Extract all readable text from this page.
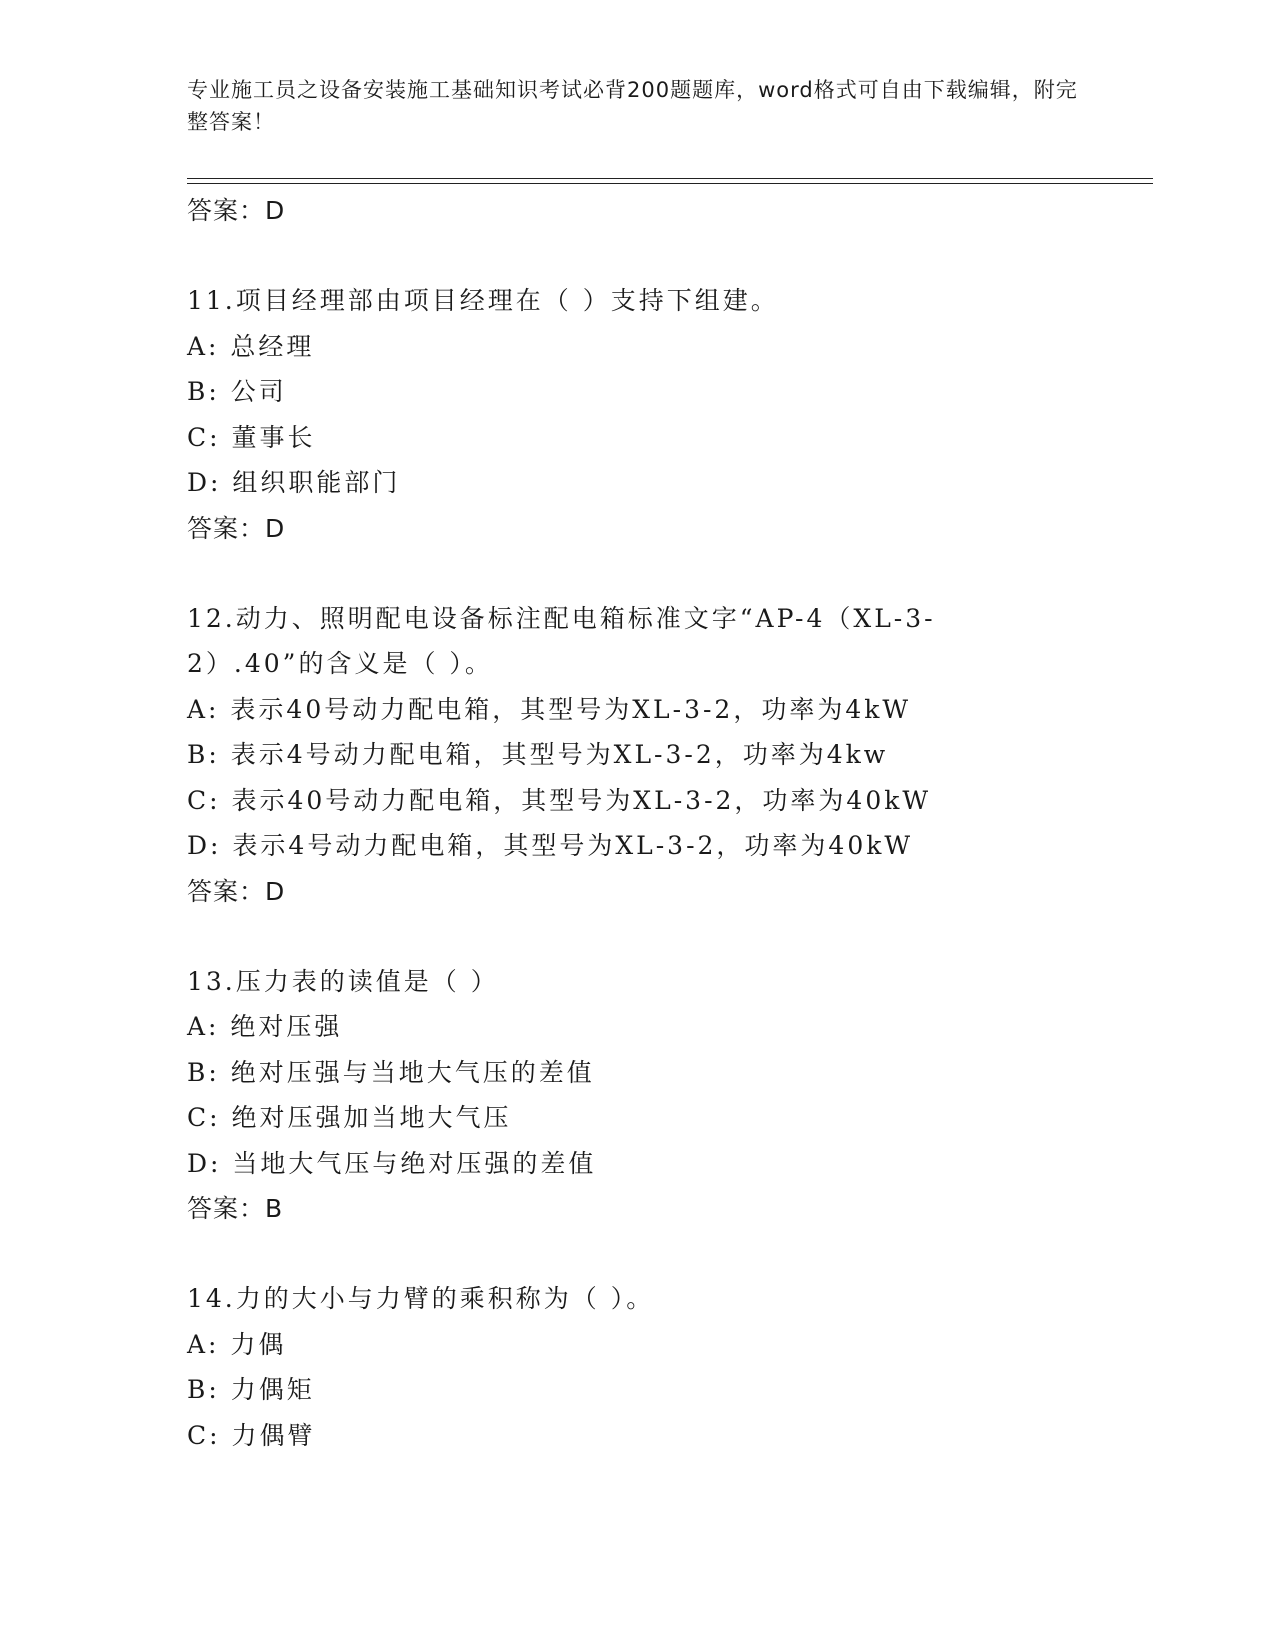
专业施工员之设备安装施工基础知识考试必背200题题库，word格式可自由下载编辑，附完整答案！
答案：D
11.项目经理部由项目经理在（ ）支持下组建。
A: 总经理
B: 公司
C: 董事长
D: 组织职能部门
答案：D
12.动力、照明配电设备标注配电箱标准文字“AP-4（XL-3-2）.40”的含义是（ ）。
A: 表示40号动力配电箱，其型号为XL-3-2，功率为4kW
B: 表示4号动力配电箱，其型号为XL-3-2，功率为4kw
C: 表示40号动力配电箱，其型号为XL-3-2，功率为40kW
D: 表示4号动力配电箱，其型号为XL-3-2，功率为40kW
答案：D
13.压力表的读值是（ ）
A: 绝对压强
B: 绝对压强与当地大气压的差值
C: 绝对压强加当地大气压
D: 当地大气压与绝对压强的差值
答案：B
14.力的大小与力臂的乘积称为（ ）。
A: 力偶
B: 力偶矩
C: 力偶臂
